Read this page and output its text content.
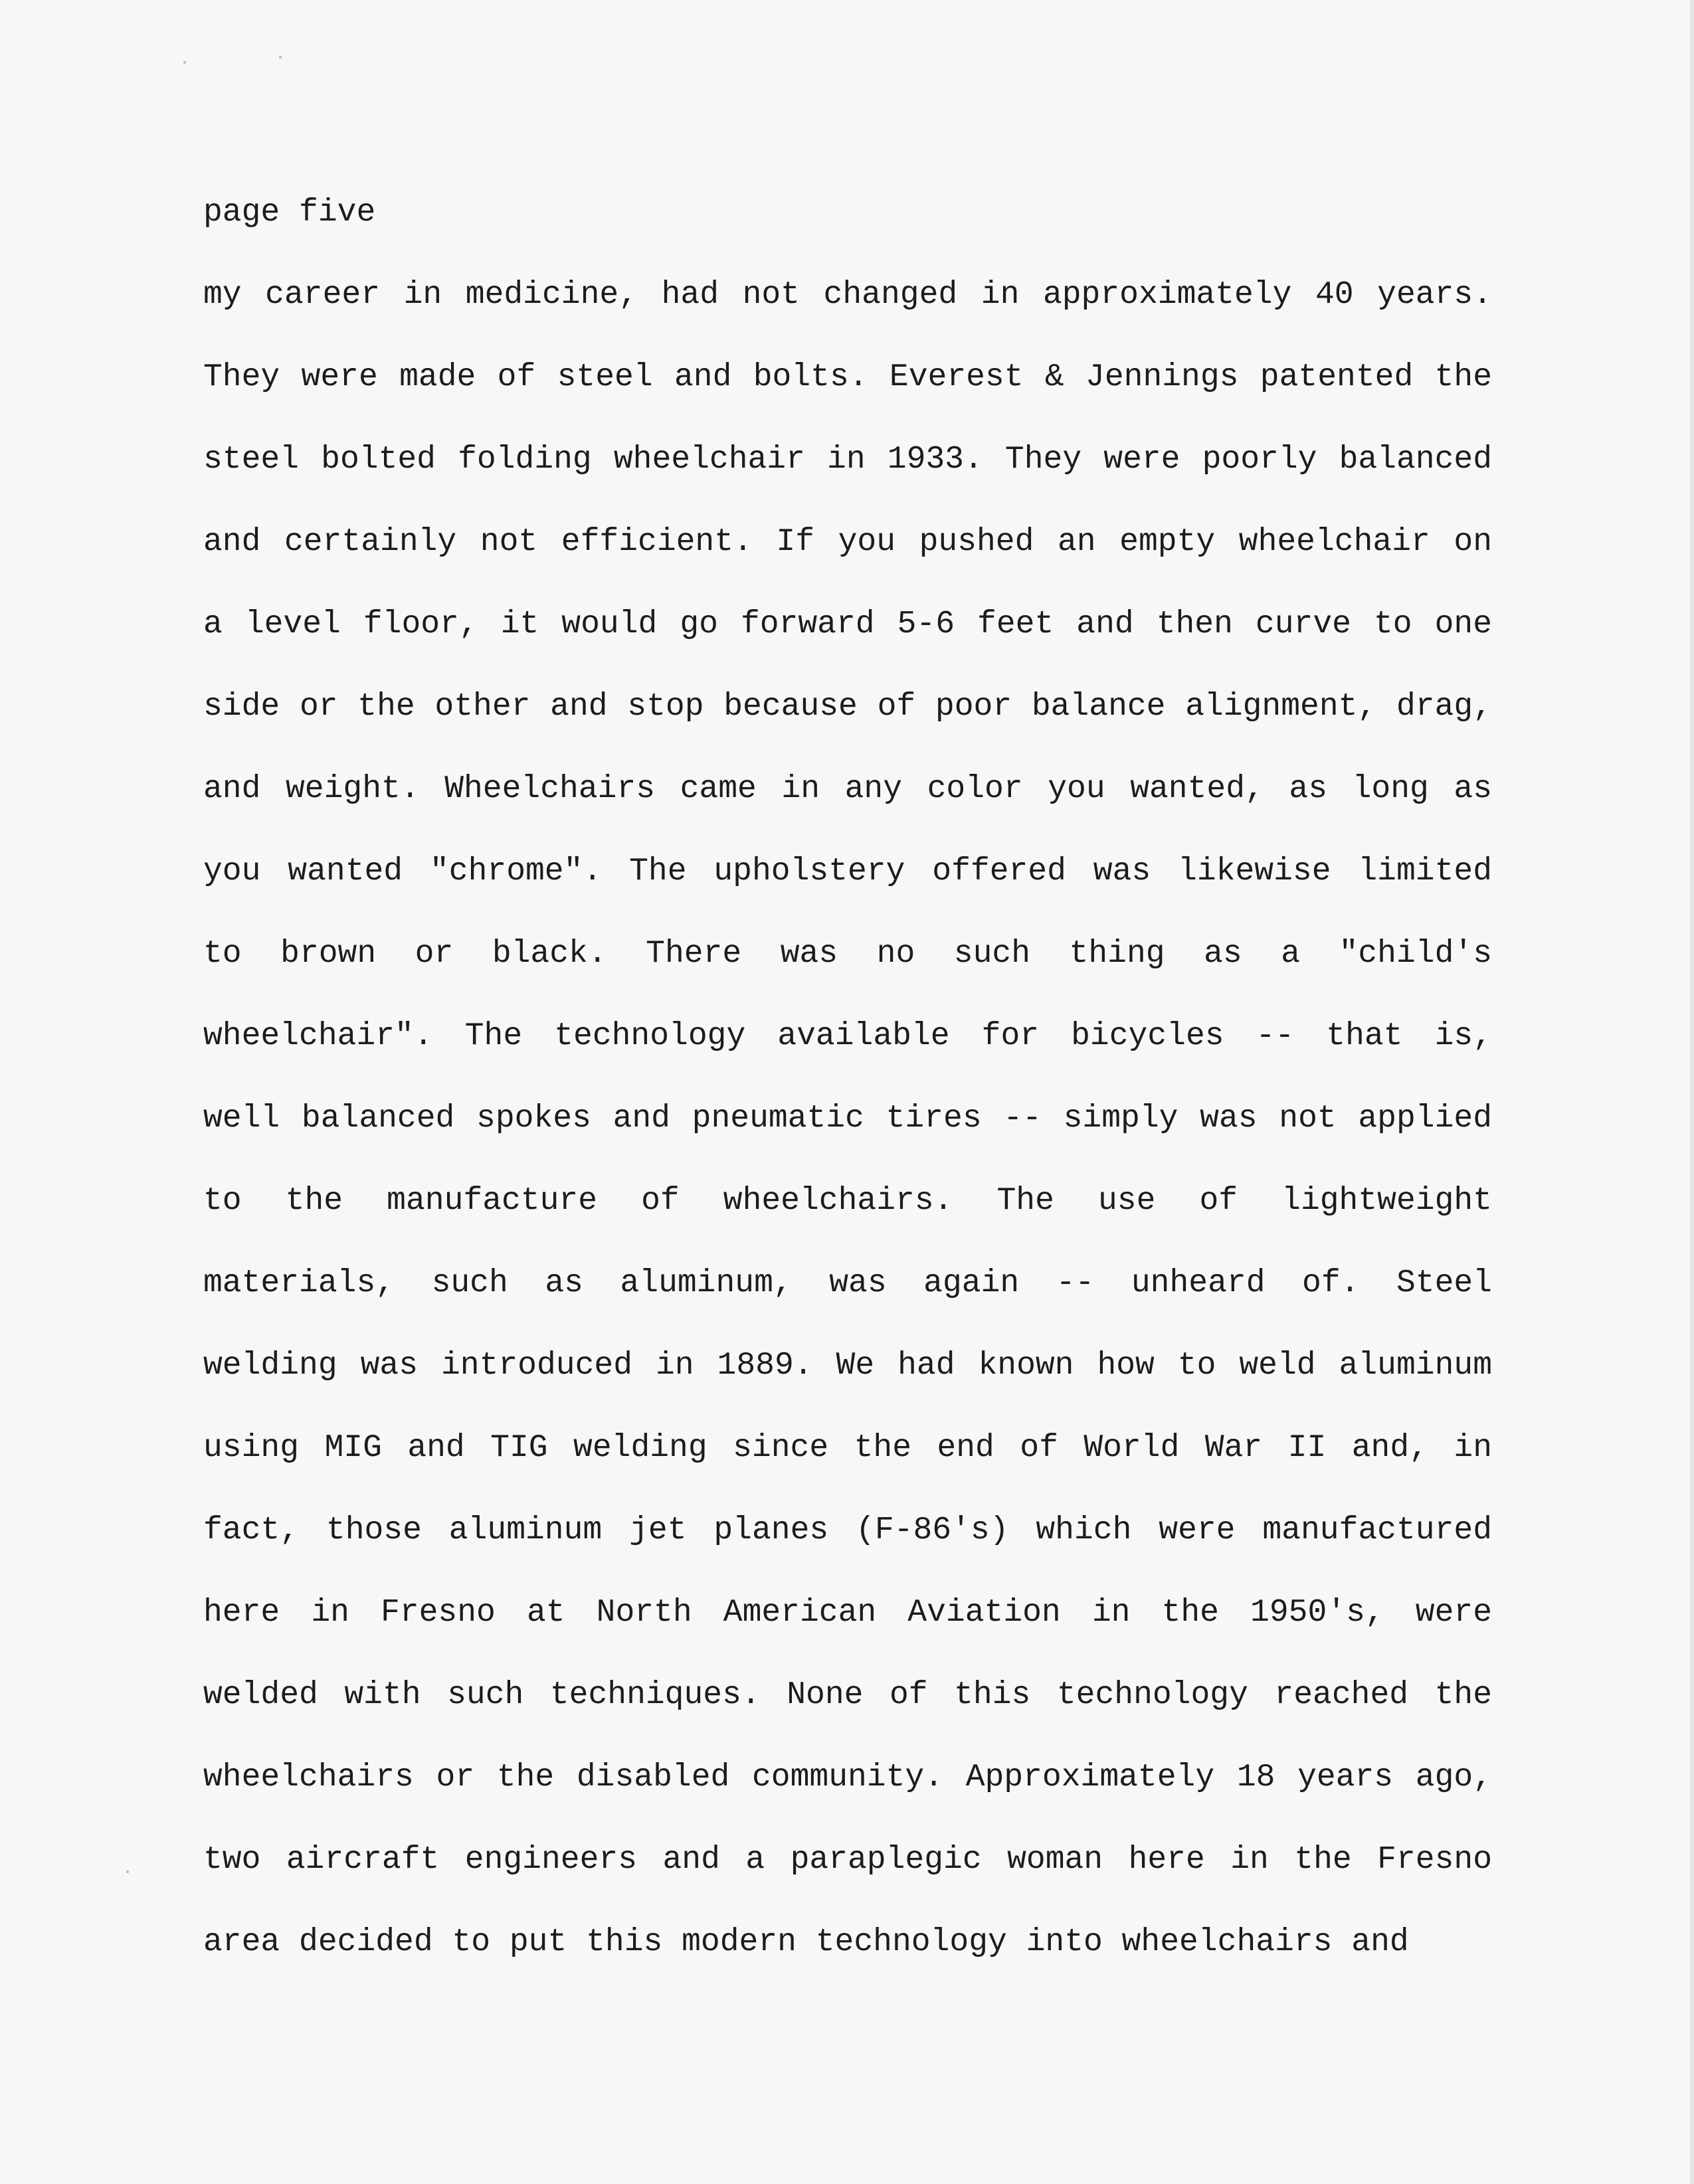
page five
my career in medicine, had not changed in approximately 40 years.
They were made of steel and bolts. Everest & Jennings patented the
steel bolted folding wheelchair in 1933. They were poorly balanced
and certainly not efficient. If you pushed an empty wheelchair on
a level floor, it would go forward 5-6 feet and then curve to one
side or the other and stop because of poor balance alignment, drag,
and weight. Wheelchairs came in any color you wanted, as long as
you wanted "chrome". The upholstery offered was likewise limited
to brown or black. There was no such thing as a "child's
wheelchair". The technology available for bicycles -- that is,
well balanced spokes and pneumatic tires -- simply was not applied
to the manufacture of wheelchairs. The use of lightweight
materials, such as aluminum, was again -- unheard of. Steel
welding was introduced in 1889. We had known how to weld aluminum
using MIG and TIG welding since the end of World War II and, in
fact, those aluminum jet planes (F-86's) which were manufactured
here in Fresno at North American Aviation in the 1950's, were
welded with such techniques. None of this technology reached the
wheelchairs or the disabled community. Approximately 18 years ago,
two aircraft engineers and a paraplegic woman here in the Fresno
area decided to put this modern technology into wheelchairs and
